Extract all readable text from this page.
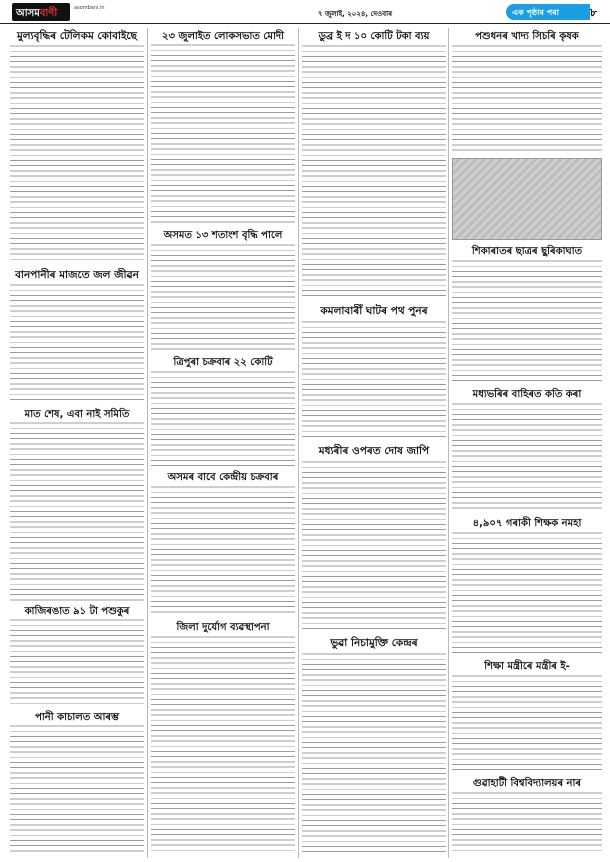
আসমবাণী	asombani.in
৭ জুলাই, ২০২৪, দেওবাৰ	এক পৃষ্ঠাৰ পৰা	৮
মুল্যবৃদ্ধিৰ টেলিকম কোবাইছে
বানপানীৰ মাজতে জল জীৱন
মাত শেষ, এবা নাই সমিতি
কাজিৰঙাত ৯১ টা পশুকুৰ
পানী কাচালত আৰম্ভ
২৩ জুলাইত লোকসভাত মোদী
অসমত ১৩ শতাংশ বৃদ্ধি পালে
ত্ৰিপুৰা চক্ৰবাৰ ২২ কোটি
অসমৰ বাবে কেন্দ্ৰীয় চক্ৰবাৰ
জিলা দুৰ্যোগ ব্যৱস্থাপনা
ডুব্ৰ ই দ ১০ কোটি টকা ব্যয়
কমলাবাৰীঁ ঘাটৰ পথ পুনৰ
মধ্যৰীৰ ওপৰত দোষ জাপি
ভুৱা নিচামুক্তি কেন্দ্ৰৰ
পশুধনৰ খাদ্য সিচৰি কৃষক
শিকাৰাতৰ ছাত্ৰৰ ছুৰিকাঘাত
মধ্যভৰিৰ বাহিৰত কতি কৰা
৪,৯০৭ গৰাকী শিক্ষক নমহা
শিক্ষা মন্ত্ৰীৰে মন্ত্ৰীৰ ই-
গুৱাহাটী বিশ্ববিদ্যালয়ৰ নাৰ
